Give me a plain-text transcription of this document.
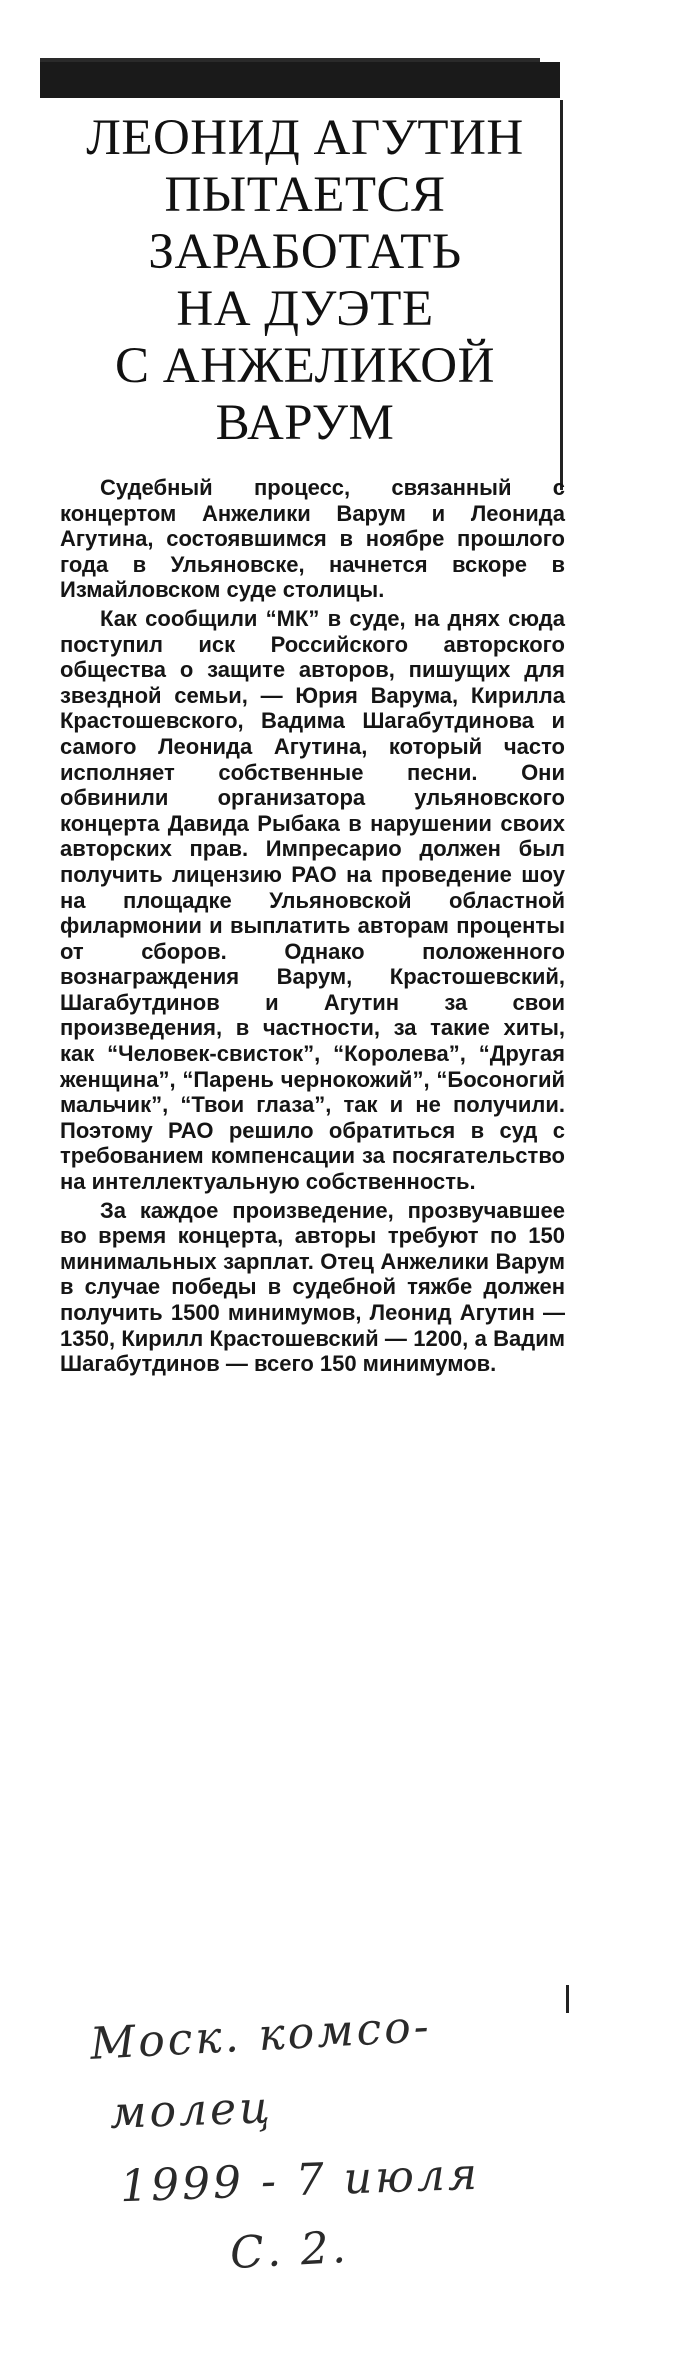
ЛЕОНИД АГУТИН
ПЫТАЕТСЯ
ЗАРАБОТАТЬ
НА ДУЭТЕ
С АНЖЕЛИКОЙ
ВАРУМ

Судебный процесс, связанный с концертом Анжелики Варум и Леонида Агутина, состоявшимся в ноябре прошлого года в Ульяновске, начнется вскоре в Измайловском суде столицы.

Как сообщили “МК” в суде, на днях сюда поступил иск Российского авторского общества о защите авторов, пишущих для звездной семьи, — Юрия Варума, Кирилла Крастошевского, Вадима Шагабутдинова и самого Леонида Агутина, который часто исполняет собственные песни. Они обвинили организатора ульяновского концерта Давида Рыбака в нарушении своих авторских прав. Импресарио должен был получить лицензию РАО на проведение шоу на площадке Ульяновской областной филармонии и выплатить авторам проценты от сборов. Однако положенного вознаграждения Варум, Крастошевский, Шагабутдинов и Агутин за свои произведения, в частности, за такие хиты, как “Человек-свисток”, “Королева”, “Другая женщина”, “Парень чернокожий”, “Босоногий мальчик”, “Твои глаза”, так и не получили. Поэтому РАО решило обратиться в суд с требованием компенсации за посягательство на интеллектуальную собственность.

За каждое произведение, прозвучавшее во время концерта, авторы требуют по 150 минимальных зарплат. Отец Анжелики Варум в случае победы в судебной тяжбе должен получить 1500 минимумов, Леонид Агутин — 1350, Кирилл Крастошевский — 1200, а Вадим Шагабутдинов — всего 150 минимумов.

Моск. комсо-
молец
1999 - 7 июля
С. 2.
